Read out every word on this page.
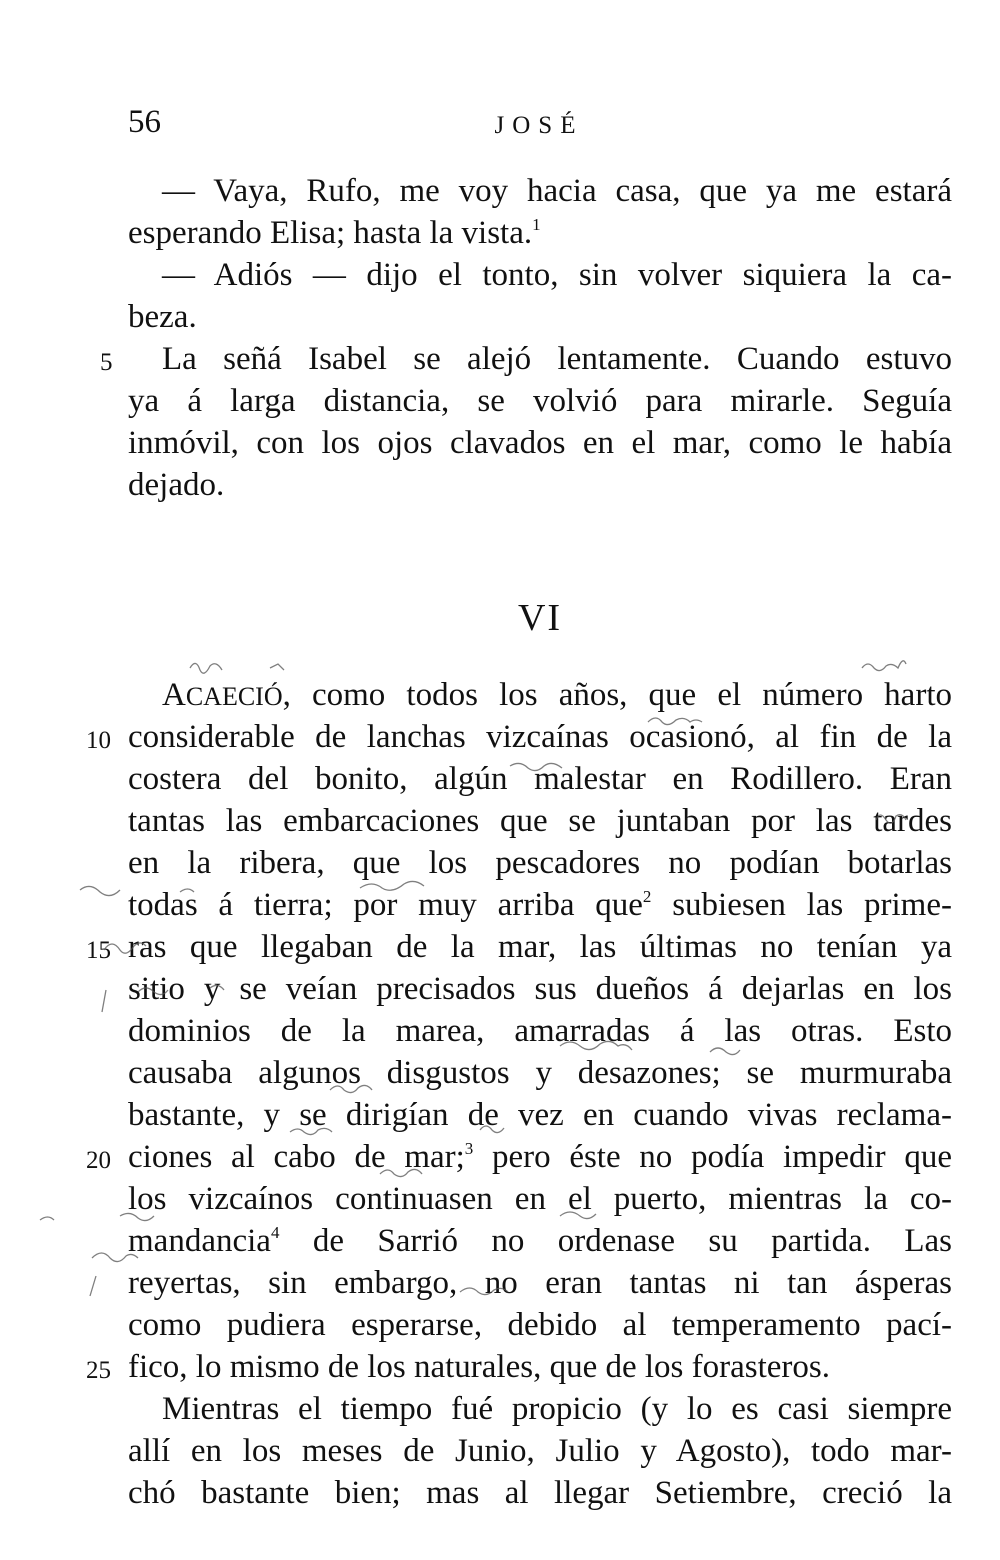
56	JOSÉ
— Vaya, Rufo, me voy hacia casa, que ya me estará
esperando Elisa; hasta la vista.$^1$
— Adiós — dijo el tonto, sin volver siquiera la ca-
beza.
La señá Isabel se alejó lentamente. Cuando estuvo
ya á larga distancia, se volvió para mirarle. Seguía
inmóvil, con los ojos clavados en el mar, como le había
dejado.
VI
ACAECIÓ, como todos los años, que el número harto
considerable de lanchas vizcaínas ocasionó, al fin de la
costera del bonito, algún malestar en Rodillero. Eran
tantas las embarcaciones que se juntaban por las tardes
en la ribera, que los pescadores no podían botarlas
todas á tierra; por muy arriba que$^2$ subiesen las prime-
ras que llegaban de la mar, las últimas no tenían ya
sitio y se veían precisados sus dueños á dejarlas en los
dominios de la marea, amarradas á las otras. Esto
causaba algunos disgustos y desazones; se murmuraba
bastante, y se dirigían de vez en cuando vivas reclama-
ciones al cabo de mar;$^3$ pero éste no podía impedir que
los vizcaínos continuasen en el puerto, mientras la co-
mandancia$^4$ de Sarrió no ordenase su partida. Las
reyertas, sin embargo, no eran tantas ni tan ásperas
como pudiera esperarse, debido al temperamento pací-
fico, lo mismo de los naturales, que de los forasteros.
Mientras el tiempo fué propicio (y lo es casi siempre
allí en los meses de Junio, Julio y Agosto), todo mar-
chó bastante bien; mas al llegar Setiembre, creció la
5
10
15
20
25
